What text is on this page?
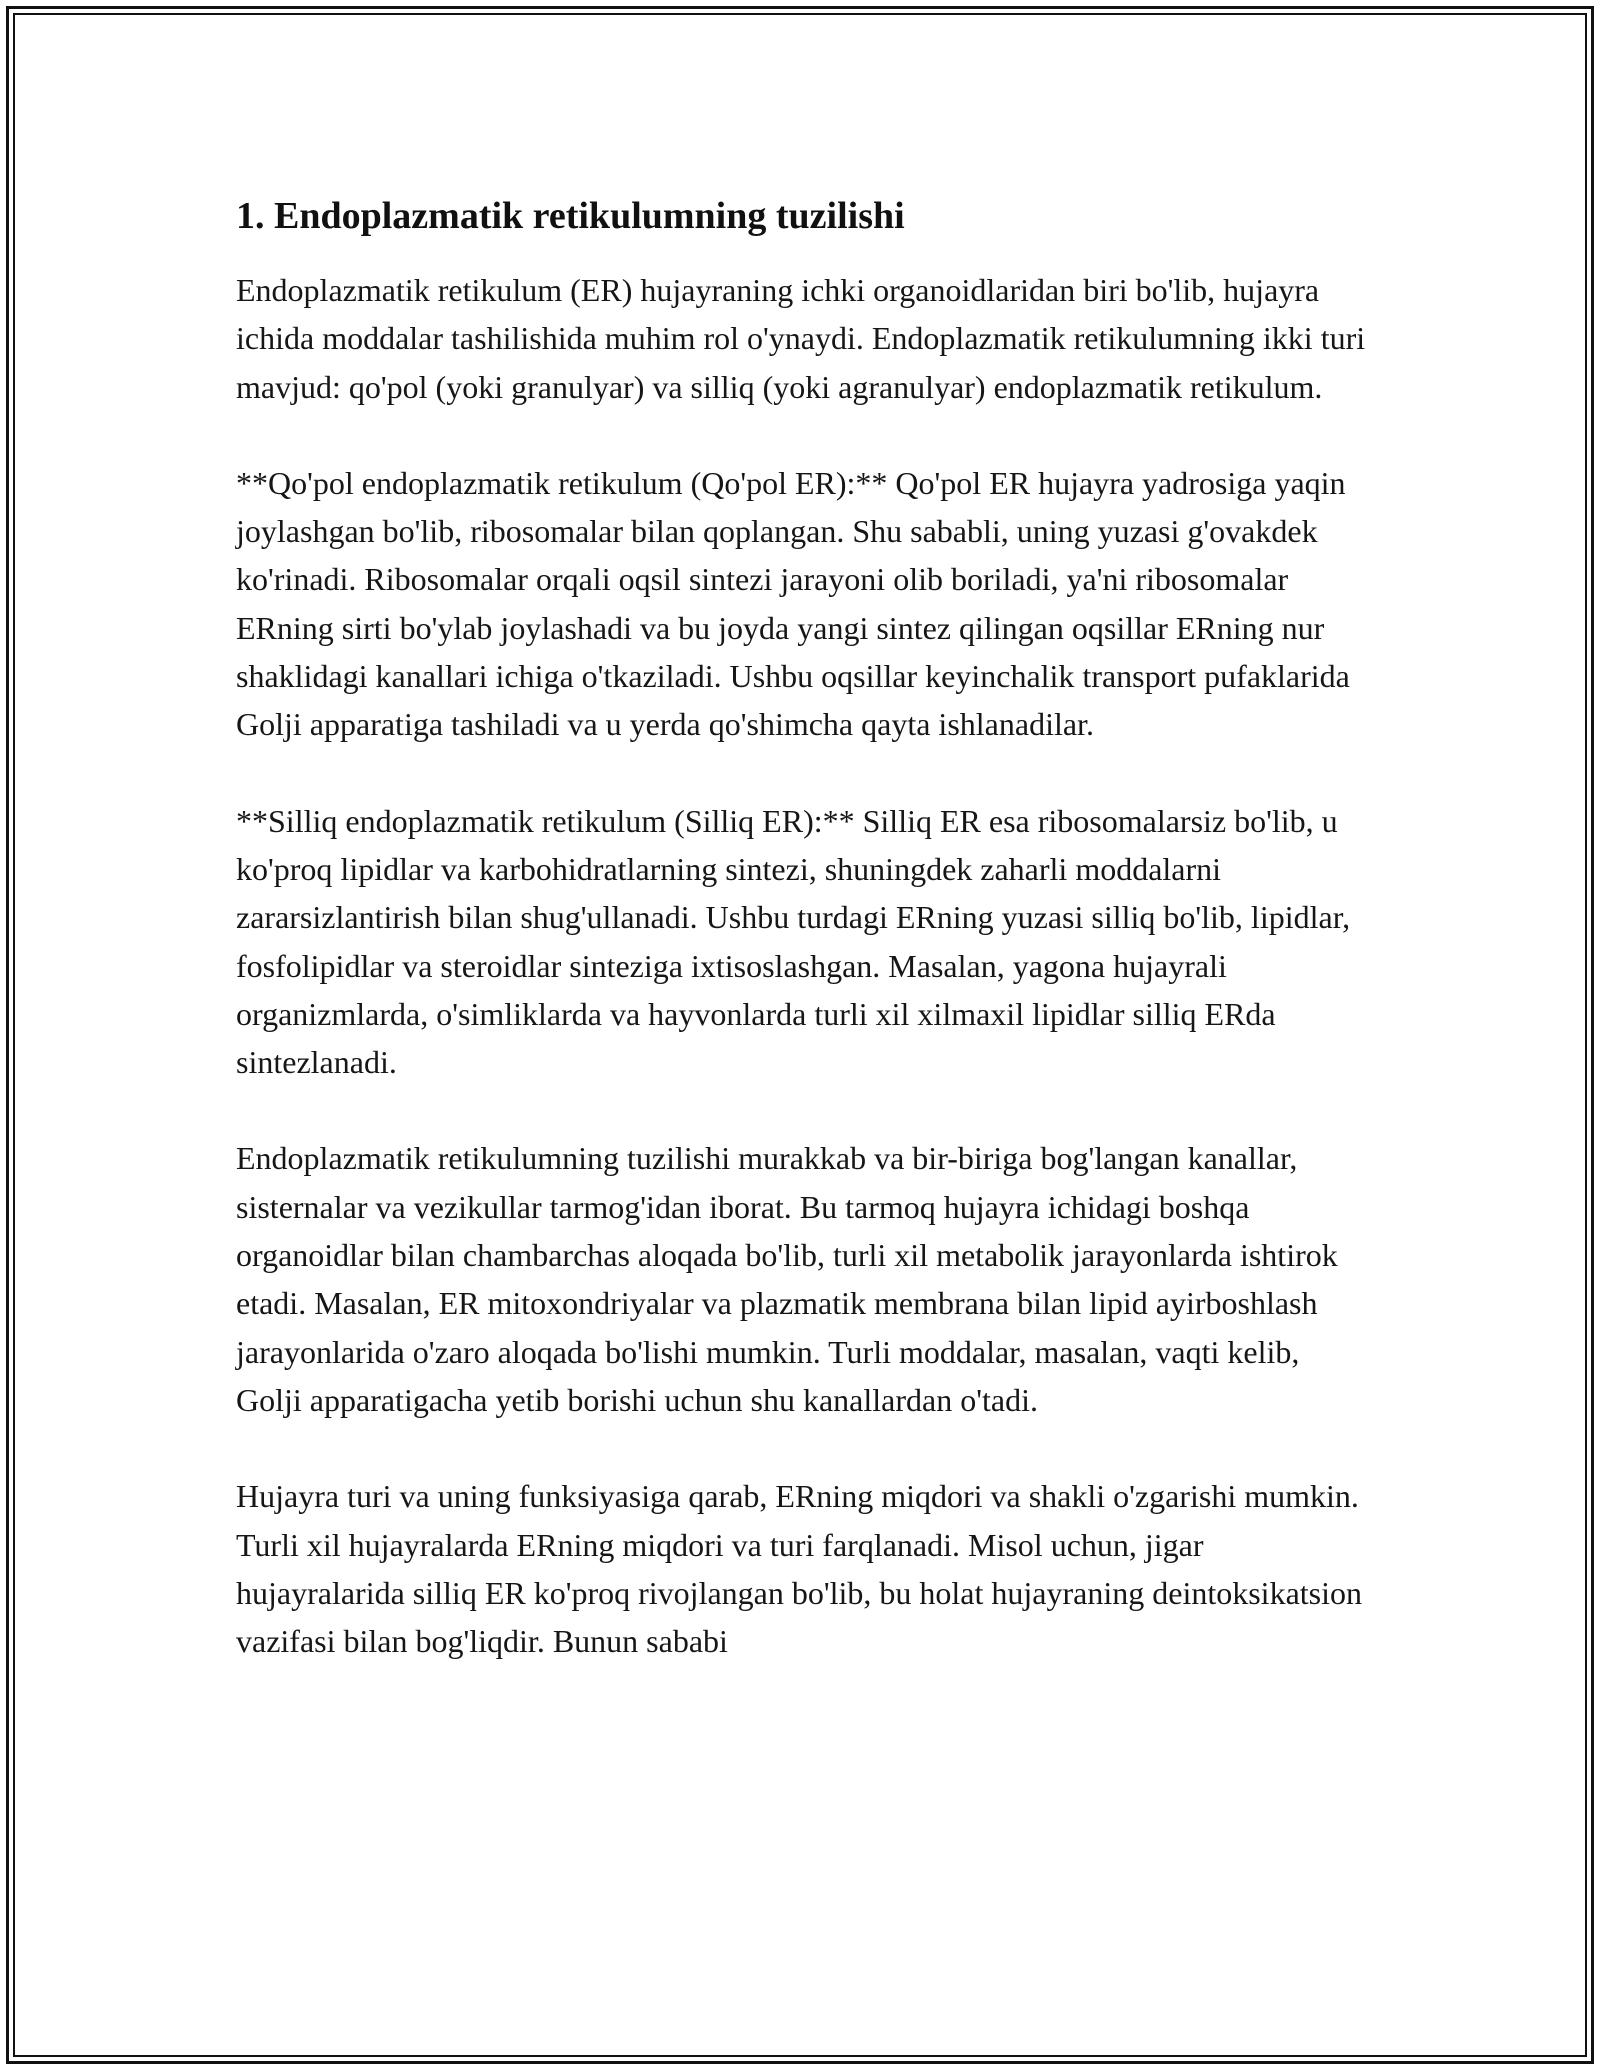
1. Endoplazmatik retikulumning tuzilishi

Endoplazmatik retikulum (ER) hujayraning ichki organoidlaridan biri bo'lib, hujayra ichida moddalar tashilishida muhim rol o'ynaydi. Endoplazmatik retikulumning ikki turi mavjud: qo'pol (yoki granulyar) va silliq (yoki agranulyar) endoplazmatik retikulum.

**Qo'pol endoplazmatik retikulum (Qo'pol ER):** Qo'pol ER hujayra yadrosiga yaqin joylashgan bo'lib, ribosomalar bilan qoplangan. Shu sababli, uning yuzasi g'ovakdek ko'rinadi. Ribosomalar orqali oqsil sintezi jarayoni olib boriladi, ya'ni ribosomalar ERning sirti bo'ylab joylashadi va bu joyda yangi sintez qilingan oqsillar ERning nur shaklidagi kanallari ichiga o'tkaziladi. Ushbu oqsillar keyinchalik transport pufaklarida Golji apparatiga tashiladi va u yerda qo'shimcha qayta ishlanadilar.

**Silliq endoplazmatik retikulum (Silliq ER):** Silliq ER esa ribosomalarsiz bo'lib, u ko'proq lipidlar va karbohidratlarning sintezi, shuningdek zaharli moddalarni zararsizlantirish bilan shug'ullanadi. Ushbu turdagi ERning yuzasi silliq bo'lib, lipidlar, fosfolipidlar va steroidlar sinteziga ixtisoslashgan. Masalan, yagona hujayrali organizmlarda, o'simliklarda va hayvonlarda turli xil xilmaxil lipidlar silliq ERda sintezlanadi.

Endoplazmatik retikulumning tuzilishi murakkab va bir-biriga bog'langan kanallar, sisternalar va vezikullar tarmog'idan iborat. Bu tarmoq hujayra ichidagi boshqa organoidlar bilan chambarchas aloqada bo'lib, turli xil metabolik jarayonlarda ishtirok etadi. Masalan, ER mitoxondriyalar va plazmatik membrana bilan lipid ayirboshlash jarayonlarida o'zaro aloqada bo'lishi mumkin. Turli moddalar, masalan, vaqti kelib, Golji apparatigacha yetib borishi uchun shu kanallardan o'tadi.

Hujayra turi va uning funksiyasiga qarab, ERning miqdori va shakli o'zgarishi mumkin. Turli xil hujayralarda ERning miqdori va turi farqlanadi. Misol uchun, jigar hujayralarida silliq ER ko'proq rivojlangan bo'lib, bu holat hujayraning deintoksikatsion vazifasi bilan bog'liqdir. Bunun sababi
